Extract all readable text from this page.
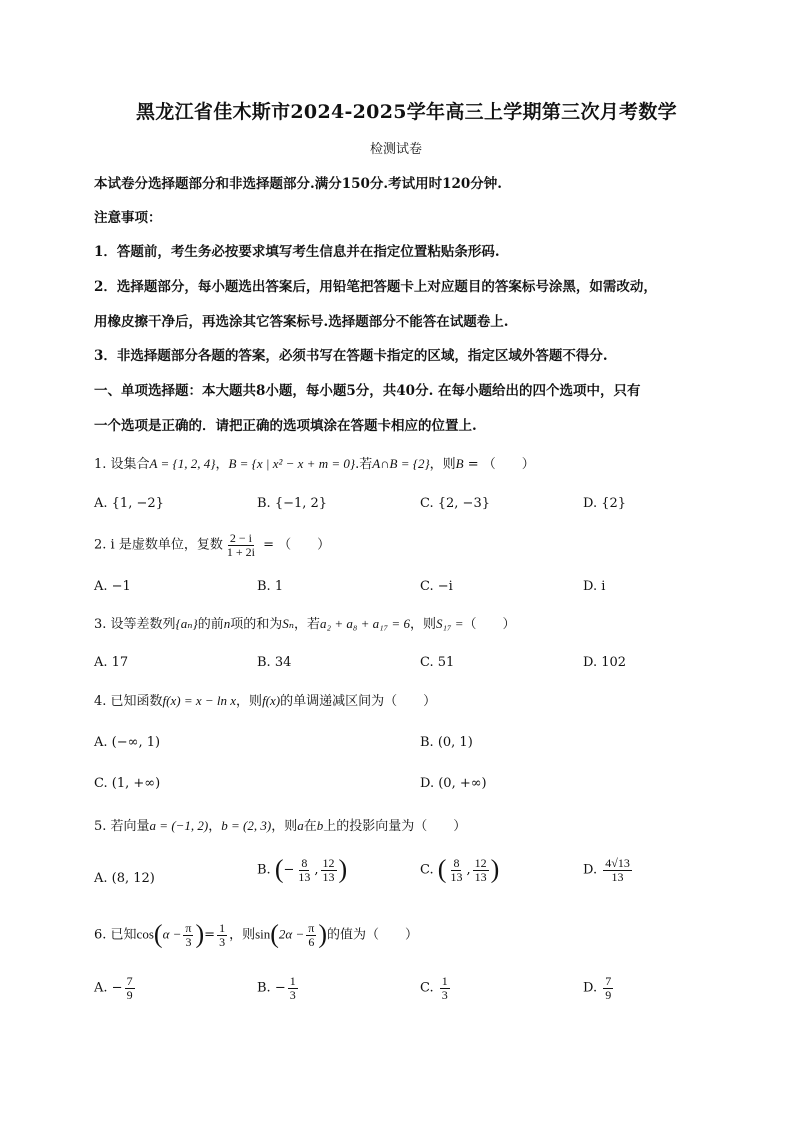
黑龙江省佳木斯市2024-2025学年高三上学期第三次月考数学
检测试卷
本试卷分选择题部分和非选择题部分.满分150分.考试用时120分钟.
注意事项：
1．答题前，考生务必按要求填写考生信息并在指定位置粘贴条形码.
2．选择题部分，每小题选出答案后，用铅笔把答题卡上对应题目的答案标号涂黑，如需改动，
用橡皮擦干净后，再选涂其它答案标号.选择题部分不能答在试题卷上.
3．非选择题部分各题的答案，必须书写在答题卡指定的区域，指定区域外答题不得分.
一、单项选择题：本大题共8小题，每小题5分，共40分. 在每小题给出的四个选项中，只有
一个选项是正确的．请把正确的选项填涂在答题卡相应的位置上.
1. 设集合A = {1, 2, 4}，B = {x | x² − x + m = 0}.若A∩B = {2}，则B = （　　）
A. {1, −2}	B. {−1, 2}	C. {2, −3}	D. {2}
2. i 是虚数单位，复数 $\frac{2 - i}{1 + 2i}$ = （　　）
A. −1	B. 1	C. −i	D. i
3. 设等差数列{aₙ}的前n项的和为Sₙ，若a₂ + a₈ + a₁₇ = 6，则S₁₇ =（　　）
A. 17	B. 34	C. 51	D. 102
4. 已知函数f(x) = x − ln x，则f(x)的单调递减区间为（　　）
A. (−∞, 1)	B. (0, 1)
C. (1, +∞)	D. (0, +∞)
5. 若向量a = (−1, 2)，b = (2, 3)，则a在b上的投影向量为（　　）
A. (8, 12)
B. (− $\frac{8}{13}$ , $\frac{12}{13}$ )	C. ( $\frac{8}{13}$ , $\frac{12}{13}$ )	D. $\frac{4√13}{13}$
6. 已知$\cos(\alpha - \frac{\pi}{3}$ )= $\frac{1}{3}$ ，则$\sin(2\alpha - \frac{\pi}{6}$ )的值为（　　）
A. − $\frac{7}{9}$	B. − $\frac{1}{3}$	C. $\frac{1}{3}$	D. $\frac{7}{9}$
